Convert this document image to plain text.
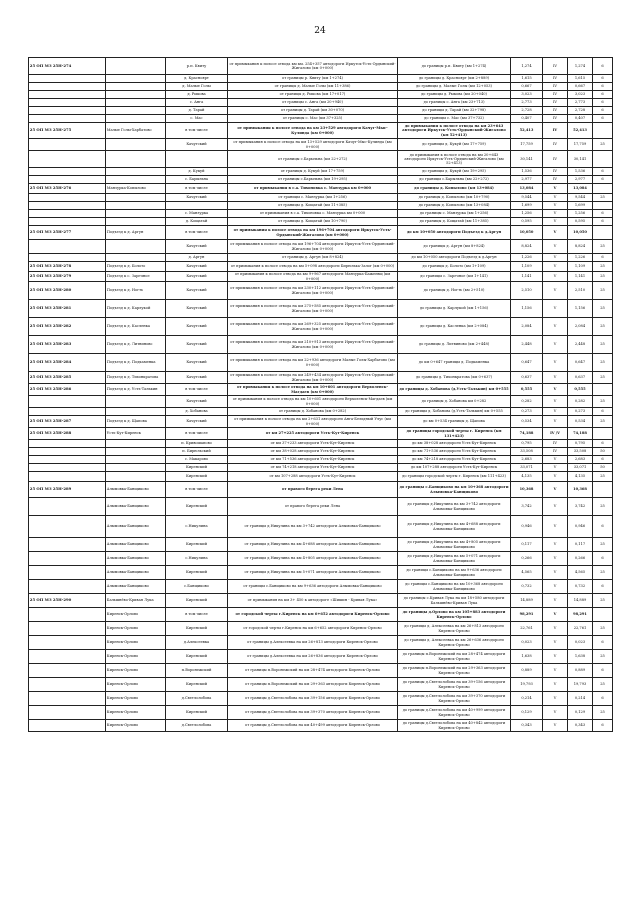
24
25 ОП МЗ 25Н-274		р.п. Квиту	от примыкания к полосе отвода км км. 254+357 автодороги Иркутск-Усть-Ордынский-Жигалово (км 0+000)	до границы р.п. Квиту (км 1+274)	1,274	IV	1,274	6
		д. Красноярт	от границы р. Квиту (км 1+274)	до границы д. Красноярт (км 2+889)	1,615	IV	1,615	6
		д. Малые Голы	от границы д. Малые Голы (км 11+386)	до границы д. Малые Голы (км 12+053)	0,667	IV	0,667	6
		д. Рыкова	от границы д. Рыкова (км 17+017)	до границы д. Рыкова (км 20+040)	3,023	IV	3,023	6
		с. Анга	от границы с. Анга (км 20+940)	до границы с. Анга (км 23+713)	2,773	IV	2,773	6
		д. Тарай	от границы д. Тарай (км 30+070)	до границы д. Тарай (км 32+798)	2,728	IV	2,728	6
		с. Мас	от границы с. Мас (км 37+325)	до границы с. Мас (км 37+732)	0,407	IV	0,407	6
25 ОП МЗ 25Н-275	Малые Голы-Харбатово	в том числе	от примыкания к полосе отвода на км 23+529 автодороги Качуг-Мыс-Кулинда (км 0+000)	до примыкания к полосе отвода на км 23+643 автодороги Иркутск-Усть-Ордынский-Жигалово (км 52+413)	52,413	IV	52,413	
		Качугский	от примыкания к полосе отвода на км 13+529 автодороги Качуг-Мыс-Кулинда (км 0+000)	до границы д. Кукуй (км 17+759)	17,759	IV	17,759	25
			от границы с.Барыльна (км 22+272)	до примыкания к полосе отвода на км 20+643 автодороги Иркутск-Усть-Ордынский-Жигалово (км 52+413)	30,141	IV	30,141	
		д. Кукуй	от границы д. Кукуй (км 17+759)	до границы д. Кукуй (км 19+295)	1,536	IV	1,536	6
		с. Барыльна	от границы с.Барыльна (км 19+295)	до границы с.Барыльна (км 22+272)	2,977	IV	2,977	6
25 ОП МЗ 25Н-276	Манзурка-Копылово	в том числе	от примыкания в с.а. Тихоновка с. Манзурка км 0+000	до границы д. Копылово (км 13+084)	13,084	V	13,084	
		Качугский	от границы с. Манзурка (км 1+256)	до границы д. Копылово (км 10+790)	9,544	V	9,544	25
			от границы д. Кощатай (км 11+385)	до границы д. Копылово (км 13+084)	1,699	V	1,699	
		с. Манзурка	от примыкания в с.а. Тихоновка с. Манзурка км 0+000	до границы с. Манзурка (км 1+256)	1,256	V	1,256	6
		д. Кощатай	от границы д. Кощатай (км 10+790)	до границы д. Кощатай (км 11+385)	0,595	V	0,595	6
25 ОП МЗ 25Н-277	Подъезд к д. Аргун	в том числе	от примыкания к полосе отвода на км 196+704 автодороги Иркутск-Усть-Ордынский-Жигалово (км 0+000)	до км 10+050 автодороги Подъезд к д.Аргун	10,050	V	10,050	
		Качугский	от примыкания к полосе отвода на км 196+704 автодороги Иркутск-Усть-Ордынский-Жигалово (км 0+000)	до границы д. Аргун (км 8+824)	8,824	V	8,824	25
		д. Аргун	от границы д. Аргун (км 8+824)	до км 10+050 автодороги Подъезд к д.Аргун	1,226	V	1,226	6
25 ОП МЗ 25Н-278	Подъезд к д. Болото	Качугский	от примыкания к полосе отвода на км 5+098 автодороги Бирюлька-Залог (км 0+000)	до границы д. Болото (км 1+109)	1,109	V	1,109	25
25 ОП МЗ 25Н-279	Подъезд к с. Заречное	Качугский	от примыкания к полосе отвода на км 9+967 автодороги Манзурка-Бажеевщ (км 0+000)	до границы с. Заречное (км 1+141)	1,141	V	1,141	25
25 ОП МЗ 25Н-280	Подъезд к д. Ногть	Качугский	от примыкания к полосе отвода на км 230+112 автодороги Иркутск-Усть-Ордынский-Жигалово (км 0+000)	до границы д. Ногть (км 2+510)	2,510	V	2,510	25
25 ОП МЗ 25Н-281	Подъезд к д. Карлукой	Качугский	от примыкания к полосе отвода на км 275+585 автодороги Иркутск-Усть-Ордынский-Жигалово (км 0+000)	до границы д. Карлукой (км 1+156)	1,156	V	1,156	25
25 ОП МЗ 25Н-282	Подъезд к д. Касленка	Качугский	от примыкания к полосе отвода на км 269+325 автодороги Иркутск-Усть-Ордынский-Жигалово (км 0+000)	до границы д. Касленка (км 2+084)	2,084	V	2,084	25
25 ОП МЗ 25Н-283	Подъезд к д. Литвиново	Качугский	от примыкания к полосе отвода на км 210+913 автодороги Иркутск-Усть-Ордынский-Жигалово (км 0+000)	до границы д. Литвиново (км 2+448)	2,448	V	2,448	25
25 ОП МЗ 25Н-284	Подъезд к д. Подкаменка	Качугский	от примыкания к полосе отвода на км 22+936 автодороги Малые Голы-Харбатово (км 0+000)	до км 0+647 границы д. Подкаменка	0,647	V	0,647	25
25 ОП МЗ 25Н-285	Подъезд к д. Тихонкратова	Качугский	от примыкания к полосе отвода на км 249+434 автодороги Иркутск-Усть-Ордынский-Жигалово (км 0+000)	до границы д. Тихонкратова (км 0+637)	0,637	V	0,637	25
25 ОП МЗ 25Н-286	Подъезд к д. Усть-Талькин	в том числе	от примыкания к полосе отвода на км 10+601 автодороги Верхоленск-Магдаев (км 0+000)	до границы д. Хобанова (д.Усть-Талькин) км 0+555	0,555	V	0,555	
		Качугский	от примыкания к полосе отвода на км 10+601 автодороги Верхоленск-Магдаев (км 0+000)	до границы д. Хобанова км 0+282	0,282	V	0,282	25
		д. Хобанова	от границы д. Хобанова (км 0+282)	до границы д. Хобанова (д.Усть-Талькин) км 0+555	0,273	V	0,273	6
25 ОП МЗ 25Н-287	Подъезд к д. Щапова	Качугский	от примыкания к полосе отвода на км 2+631 автодороги Анга-Бельдный Улус (км 0+000)	до км 0+534 границы д. Щапова	0,534	V	0,534	25
25 ОП МЗ 25Н-288	Усть-Кут-Киренск	в том числе	от км 27+225 автодороги Усть-Кут-Киренск	до границы городской черты г. Киренск (км 131+423)	74,188	IV /V	74,188	
		п. Кривошапово	от км 37+233 автодороги Усть-Кут-Киренск	до км 38+028 автодороги Усть-Кут-Киренск	0,795	IV	0,795	6
		п. Бирюльский	от км 38+028 автодороги Усть-Кут-Киренск	до км 71+536 автодороги Усть-Кут-Киренск	33,508	IV	33,508	50
		с. Макарово	от км 71+536 автодороги Усть-Кут-Киренск	до км 74+218 автодороги Усть-Кут-Киренск	2,683	V	2,683	6
		Киренский	от км 74+218 автодороги Усть-Кут-Киренск	до км 107+288 автодороги Усть-Кут-Киренск	33,071	V	33,071	50
		Киренский	от км 107+288 автодороги Усть-Кут-Киренск	до границы городской черты г. Киренск (км 111+423)	4,135	V	4,135	25
25 ОП МЗ 25Н-289	Алымовка-Банщиково	в том числе	от правого берега реки Лена	до границы с.Банщиково на км 10+368 автодороги Алымовка-Банщиково	10,368	V	10,368	
	Алымовка-Банщиково	Киренский	от правого берега реки Лена	до границы д.Никулина на км 3+742 автодороги Алымовка-Банщиково	3,742	V	3,742	25
	Алымовка-Банщиково	с.Никулина	от границы д.Никулина на км 3+742 автодороги Алымовка-Банщиково	до границы д.Никулина на км 4+688 автодороги Алымовка-Банщиково	0,946	V	0,946	6
	Алымовка-Банщиково	Киренский	от границы д.Никулина на км 4+688 автодороги Алымовка-Банщиково	до границы д.Никулина на км 4+805 автодороги Алымовка-Банщиково	0,117	V	0,117	25
	Алымовка-Банщиково	с.Никулина	от границы д.Никулина на км 4+805 автодороги Алымовка-Банщиково	до границы д.Никулина на км 5+071 автодороги Алымовка-Банщиково	0,266	V	0,266	6
	Алымовка-Банщиково	Киренский	от границы д.Никулина на км 5+071 автодороги Алымовка-Банщиково	до границы с.Банщиково на км 9+636 автодороги Алымовка-Банщиково	4,565	V	4,565	25
	Алымовка-Банщиково	с.Банщиково	от границы с.Банщиково на км 9+636 автодороги Алымовка-Банщиково	до границы с.Банщиково на км 10+368 автодороги Алымовка-Банщиково	0,732	V	0,732	6
25 ОП МЗ 25Н-290	Бальшнёво-Кривая Лука	Киренский	от примыкания на км 3+ 450 к автодороге «Шишин - Кривая Лука»	до границы с.Кривая Лука на км 18+580 автодороги Бальшнёво-Кривая Лука	14,889	V	14,889	25
	Киренск-Орлово	в том числе	от городской черты г.Киренск на км 6+652 автодороги Киренск-Орлово	до границы д.Орлово на км 105+883 автодороги Киренск-Орлово	98,291	V	98,291	
	Киренск-Орлово	Киренский	от городской черты г.Киренск на км 6+652 автодороги Киренск-Орлово	до границы д. Алексеевка на км 26+813 автодороги Киренск-Орлово	22,761	V	22,761	25
	Киренск-Орлово	д.Алексеевка	от границы д.Алексеевка на км 26+813 автодороги Киренск-Орлово	до границы д. Алексеевка на км 26+636 автодороги Киренск-Орлово	0,023	V	0,023	6
	Киренск-Орлово	Киренский	от границы д.Алексеевка на км 26+836 автодороги Киренск-Орлово	до границы п.Воронежский на км 28+474 автодороги Киренск-Орлово	1,638	V	1,638	25
	Киренск-Орлово	п.Воронежский	от границы п.Воронежский на км 28+474 автодороги Киренск-Орлово	до границы п.Воронежский на км 29+363 автодороги Киренск-Орлово	0,889	V	0,889	6
	Киренск-Орлово	Киренский	от границы п.Воронежский на км 29+363 автодороги Киренск-Орлово	до границы д.Светлолобова на км 39+156 автодороги Киренск-Орлово	19,793	V	19,793	25
	Киренск-Орлово	д.Светлолобова	от границы д.Светлолобова на км 39+156 автодороги Киренск-Орлово	до границы д.Светлолобова на км 39+370 автодороги Киренск-Орлово	0,214	V	0,214	6
	Киренск-Орлово	Киренский	от границы д.Светлолобова на км 39+370 автодороги Киренск-Орлово	до границы д.Светлолобова на км 40+999 автодороги Киренск-Орлово	0,129	V	0,129	25
	Киренск-Орлово	д.Светлолобова	от границы д.Светлолобова на км 40+499 автодороги Киренск-Орлово	до границы д.Светлолобова на км 40+842 автодороги Киренск-Орлово	0,343	V	0,343	6
